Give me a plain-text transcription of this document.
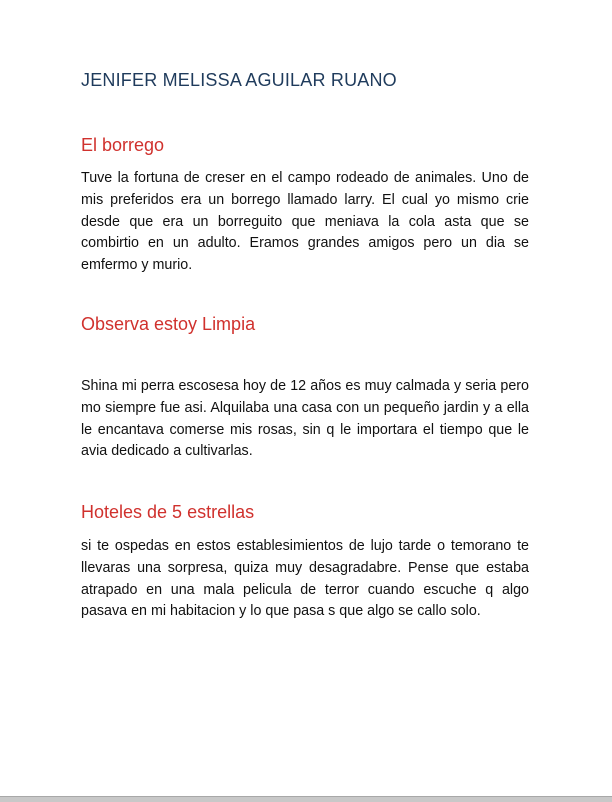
JENIFER MELISSA AGUILAR RUANO
El borrego

Tuve la fortuna de creser en el campo rodeado de animales. Uno de mis preferidos era un borrego llamado larry. El cual yo mismo crie desde que era un borreguito que meniava la cola asta que se combirtio en un adulto. Eramos grandes amigos pero un dia se emfermo y murio.

Observa estoy Limpia

Shina mi perra escosesa hoy de 12 años es muy calmada y seria pero mo siempre fue asi. Alquilaba una casa con un pequeño jardin y a ella le encantava comerse mis rosas, sin q le importara el tiempo que le avia dedicado a cultivarlas.

Hoteles de 5 estrellas

si te ospedas en estos establesimientos de lujo tarde o temorano te llevaras una sorpresa, quiza muy desagradabre. Pense que estaba atrapado en una mala pelicula de terror cuando escuche q algo pasava en mi habitacion y lo que pasa s que algo se callo solo.
